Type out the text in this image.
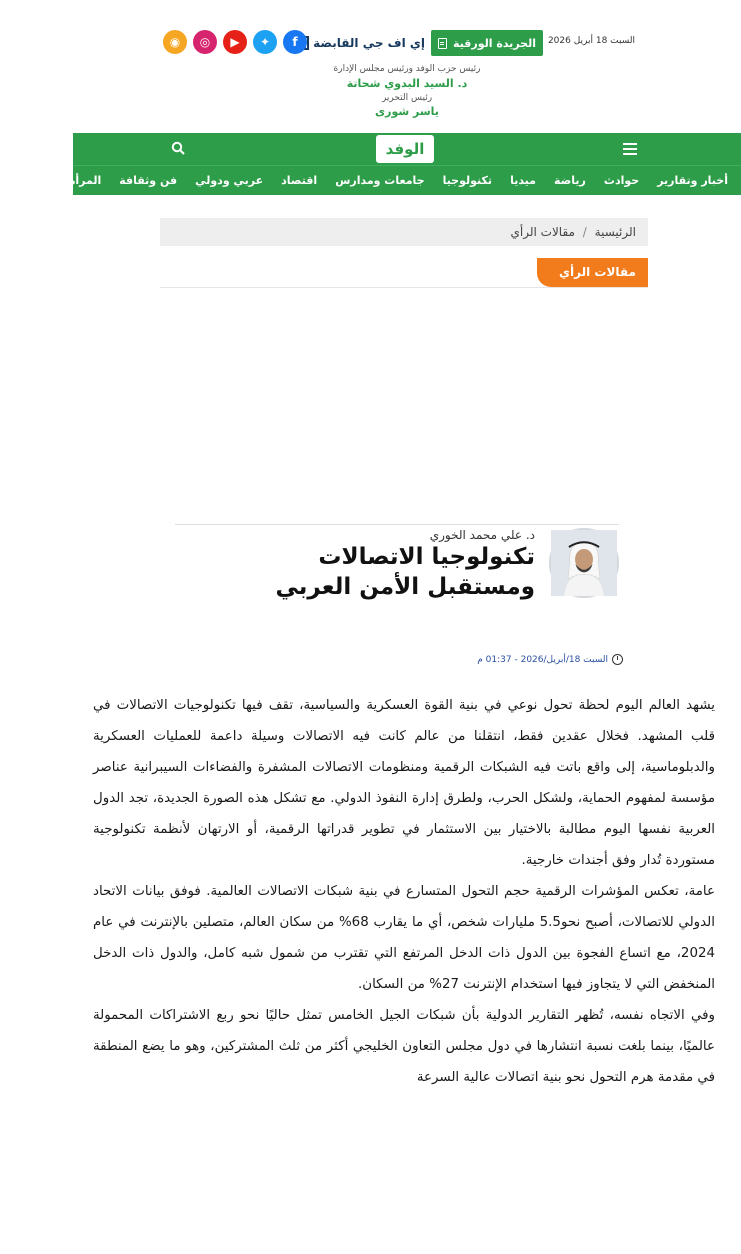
السبت 18 أبريل 2026
الجريدة الورقية
إي اف جي القابضة
◉	◎	▶	✦	f
رئيس حزب الوفد ورئيس مجلس الإدارة
د. السيد البدوي شحاتة
رئيس التحرير
ياسر شورى
الوفد
أخبار وتقارير
حوادث
رياضة
ميديا
تكنولوجيا
جامعات ومدارس
اقتصاد
عربي ودولي
فن وثقافة
المرأة والمنوعات
الرئيسية / مقالات الرأي
مقالات الرأي
د. علي محمد الخوري
تكنولوجيا الاتصالات ومستقبل الأمن العربي
السبت 18/أبريل/2026 - 01:37 م

يشهد العالم اليوم لحظة تحول نوعي في بنية القوة العسكرية والسياسية، تقف فيها تكنولوجيات الاتصالات في قلب المشهد. فخلال عقدين فقط، انتقلنا من عالم كانت فيه الاتصالات وسيلة داعمة للعمليات العسكرية والدبلوماسية، إلى واقع باتت فيه الشبكات الرقمية ومنظومات الاتصالات المشفرة والفضاءات السيبرانية عناصر مؤسسة لمفهوم الحماية، ولشكل الحرب، ولطرق إدارة النفوذ الدولي. مع تشكل هذه الصورة الجديدة، تجد الدول العربية نفسها اليوم مطالبة بالاختيار بين الاستثمار في تطوير قدراتها الرقمية، أو الارتهان لأنظمة تكنولوجية مستوردة تُدار وفق أجندات خارجية.

عامة، تعكس المؤشرات الرقمية حجم التحول المتسارع في بنية شبكات الاتصالات العالمية. فوفق بيانات الاتحاد الدولي للاتصالات، أصبح نحو5.5 مليارات شخص، أي ما يقارب 68% من سكان العالم، متصلين بالإنترنت في عام 2024، مع اتساع الفجوة بين الدول ذات الدخل المرتفع التي تقترب من شمول شبه كامل، والدول ذات الدخل المنخفض التي لا يتجاوز فيها استخدام الإنترنت 27% من السكان.

وفي الاتجاه نفسه، تُظهر التقارير الدولية بأن شبكات الجيل الخامس تمثل حاليًا نحو ربع الاشتراكات المحمولة عالميًا، بينما بلغت نسبة انتشارها في دول مجلس التعاون الخليجي أكثر من ثلث المشتركين، وهو ما يضع المنطقة في مقدمة هرم التحول نحو بنية اتصالات عالية السرعة
